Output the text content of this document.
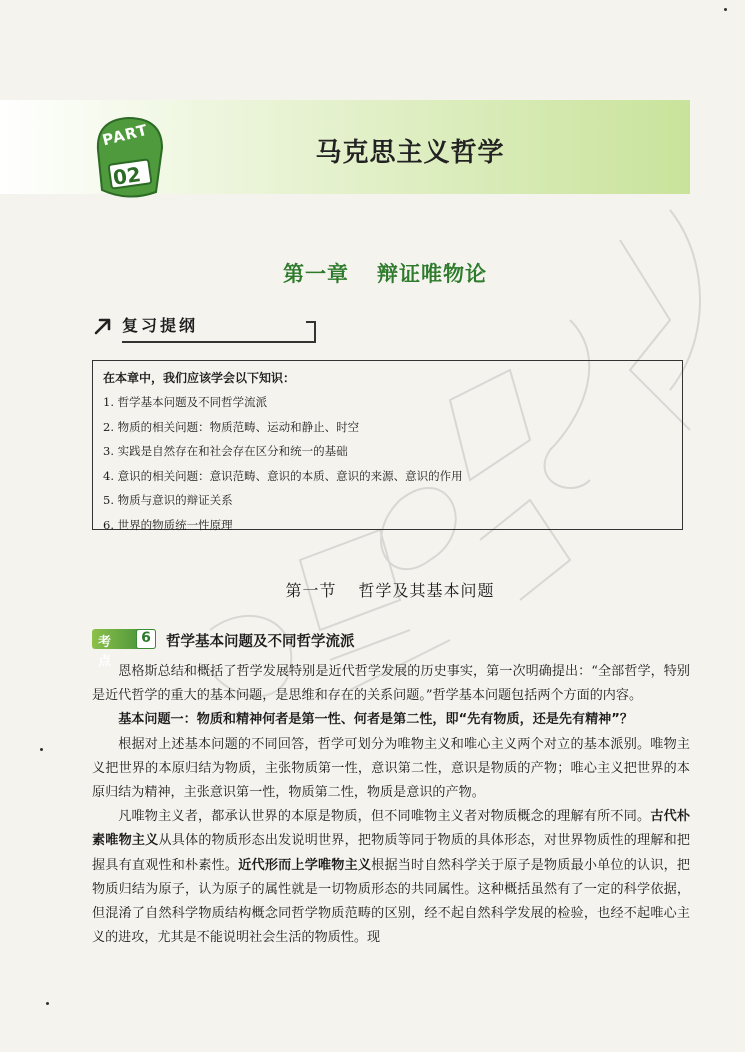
PART
02
马克思主义哲学
第一章 辩证唯物论
复习提纲
在本章中，我们应该学会以下知识：
1. 哲学基本问题及不同哲学流派
2. 物质的相关问题：物质范畴、运动和静止、时空
3. 实践是自然存在和社会存在区分和统一的基础
4. 意识的相关问题：意识范畴、意识的本质、意识的来源、意识的作用
5. 物质与意识的辩证关系
6. 世界的物质统一性原理
第一节 哲学及其基本问题
考点
6	哲学基本问题及不同哲学流派

恩格斯总结和概括了哲学发展特别是近代哲学发展的历史事实，第一次明确提出：“全部哲学，特别是近代哲学的重大的基本问题，是思维和存在的关系问题。”哲学基本问题包括两个方面的内容。

基本问题一：物质和精神何者是第一性、何者是第二性，即“先有物质，还是先有精神”？

根据对上述基本问题的不同回答，哲学可划分为唯物主义和唯心主义两个对立的基本派别。唯物主义把世界的本原归结为物质，主张物质第一性，意识第二性，意识是物质的产物；唯心主义把世界的本原归结为精神，主张意识第一性，物质第二性，物质是意识的产物。

凡唯物主义者，都承认世界的本原是物质，但不同唯物主义者对物质概念的理解有所不同。古代朴素唯物主义从具体的物质形态出发说明世界，把物质等同于物质的具体形态，对世界物质性的理解和把握具有直观性和朴素性。近代形而上学唯物主义根据当时自然科学关于原子是物质最小单位的认识，把物质归结为原子，认为原子的属性就是一切物质形态的共同属性。这种概括虽然有了一定的科学依据，但混淆了自然科学物质结构概念同哲学物质范畴的区别，经不起自然科学发展的检验，也经不起唯心主义的进攻，尤其是不能说明社会生活的物质性。现
